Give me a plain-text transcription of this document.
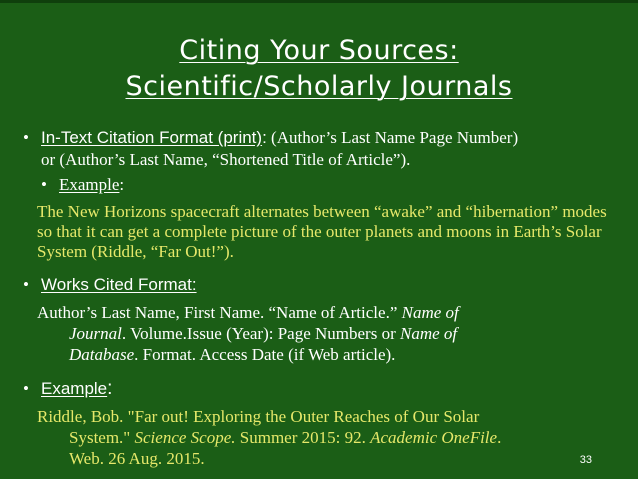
Citing Your Sources:
Scientific/Scholarly Journals
• In-Text Citation Format (print): (Author’s Last Name Page Number)
or (Author’s Last Name, “Shortened Title of Article”).
• Example:
The New Horizons spacecraft alternates between “awake” and “hibernation” modes so that it can get a complete picture of the outer planets and moons in Earth’s Solar System (Riddle, “Far Out!”).
• Works Cited Format:
Author’s Last Name, First Name. “Name of Article.” Name of
Journal. Volume.Issue (Year): Page Numbers or Name of
Database. Format. Access Date (if Web article).
• Example:
Riddle, Bob. "Far out! Exploring the Outer Reaches of Our Solar
System." Science Scope. Summer 2015: 92. Academic OneFile.
Web. 26 Aug. 2015.	33
